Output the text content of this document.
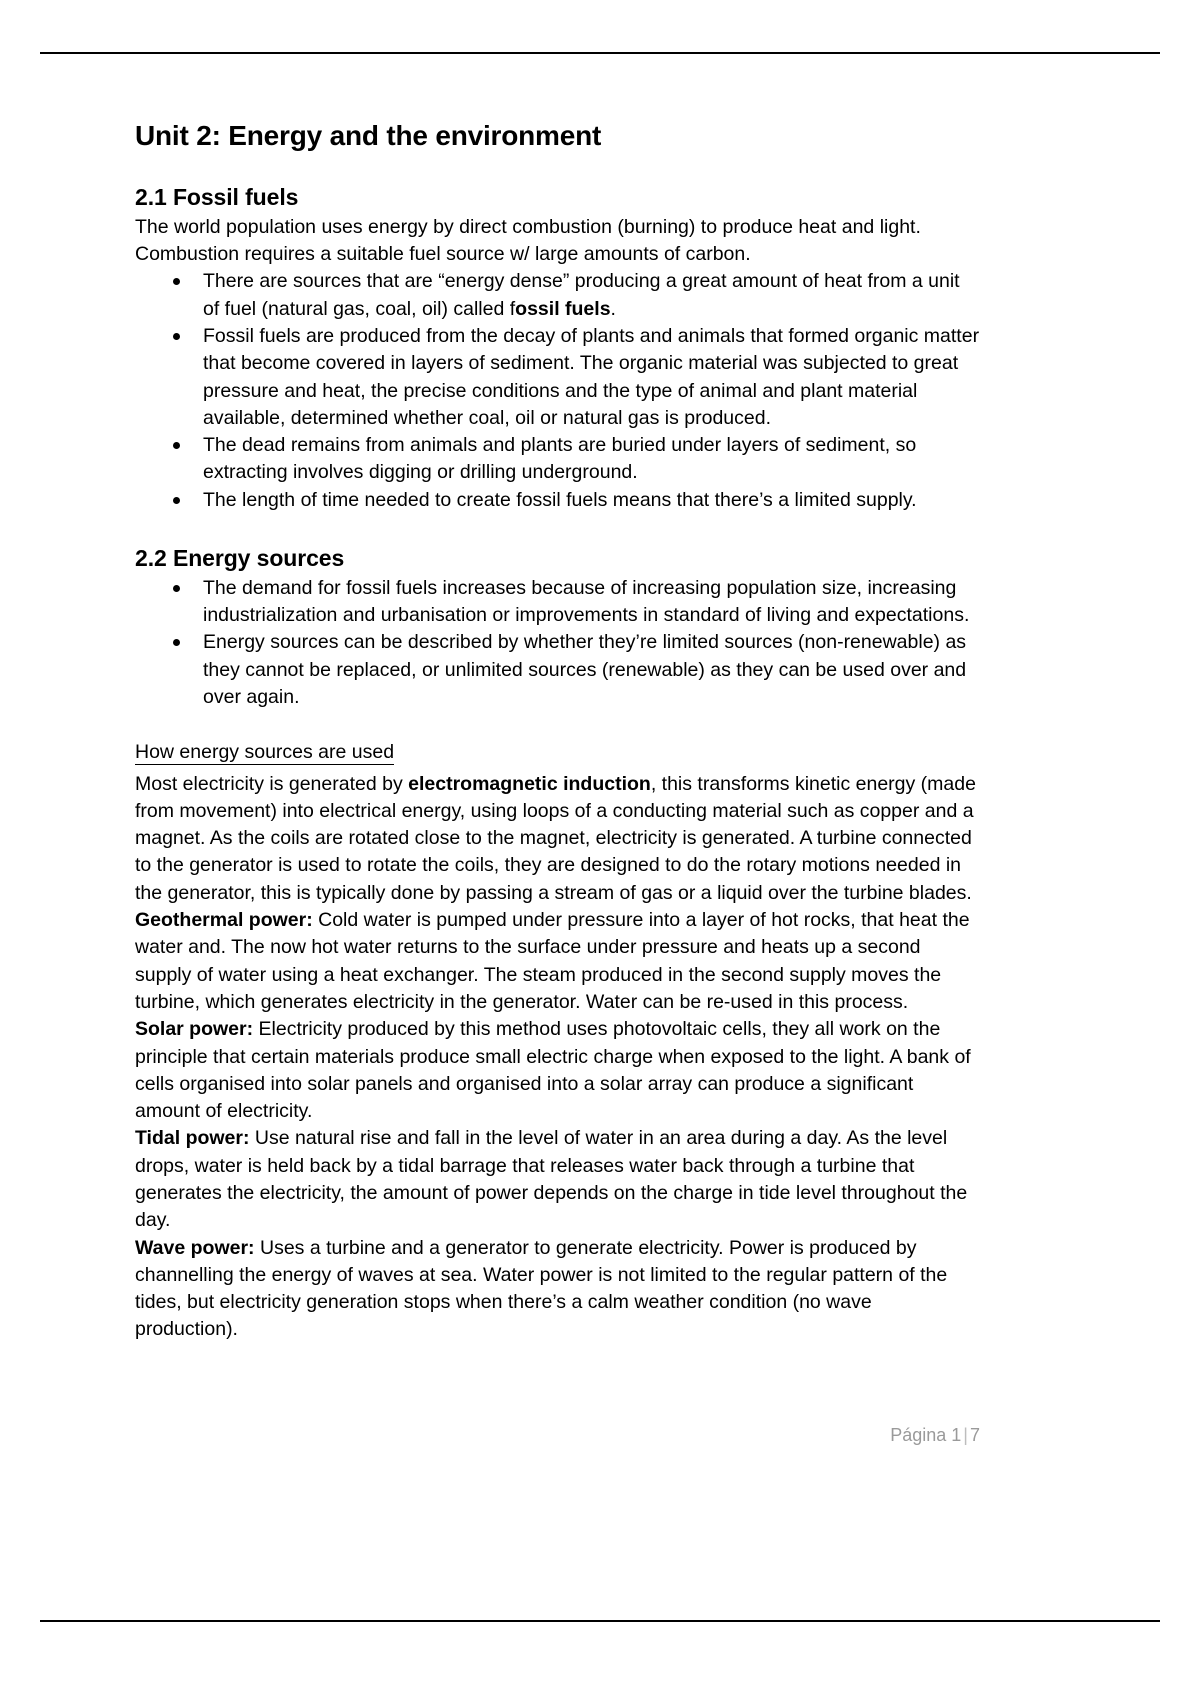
Unit 2: Energy and the environment
2.1 Fossil fuels

The world population uses energy by direct combustion (burning) to produce heat and light. Combustion requires a suitable fuel source w/ large amounts of carbon.

There are sources that are “energy dense” producing a great amount of heat from a unit of fuel (natural gas, coal, oil) called fossil fuels.
Fossil fuels are produced from the decay of plants and animals that formed organic matter that become covered in layers of sediment. The organic material was subjected to great pressure and heat, the precise conditions and the type of animal and plant material available, determined whether coal, oil or natural gas is produced.
The dead remains from animals and plants are buried under layers of sediment, so extracting involves digging or drilling underground.
The length of time needed to create fossil fuels means that there’s a limited supply.
2.2 Energy sources
The demand for fossil fuels increases because of increasing population size, increasing industrialization and urbanisation or improvements in standard of living and expectations.
Energy sources can be described by whether they’re limited sources (non-renewable) as they cannot be replaced, or unlimited sources (renewable) as they can be used over and over again.
How energy sources are used

Most electricity is generated by electromagnetic induction, this transforms kinetic energy (made from movement) into electrical energy, using loops of a conducting material such as copper and a magnet. As the coils are rotated close to the magnet, electricity is generated. A turbine connected to the generator is used to rotate the coils, they are designed to do the rotary motions needed in the generator, this is typically done by passing a stream of gas or a liquid over the turbine blades.

Geothermal power: Cold water is pumped under pressure into a layer of hot rocks, that heat the water and. The now hot water returns to the surface under pressure and heats up a second supply of water using a heat exchanger. The steam produced in the second supply moves the turbine, which generates electricity in the generator. Water can be re-used in this process.

Solar power: Electricity produced by this method uses photovoltaic cells, they all work on the principle that certain materials produce small electric charge when exposed to the light. A bank of cells organised into solar panels and organised into a solar array can produce a significant amount of electricity.

Tidal power: Use natural rise and fall in the level of water in an area during a day. As the level drops, water is held back by a tidal barrage that releases water back through a turbine that generates the electricity, the amount of power depends on the charge in tide level throughout the day.

Wave power: Uses a turbine and a generator to generate electricity. Power is produced by channelling the energy of waves at sea. Water power is not limited to the regular pattern of the tides, but electricity generation stops when there’s a calm weather condition (no wave production).

Página 1 | 7
